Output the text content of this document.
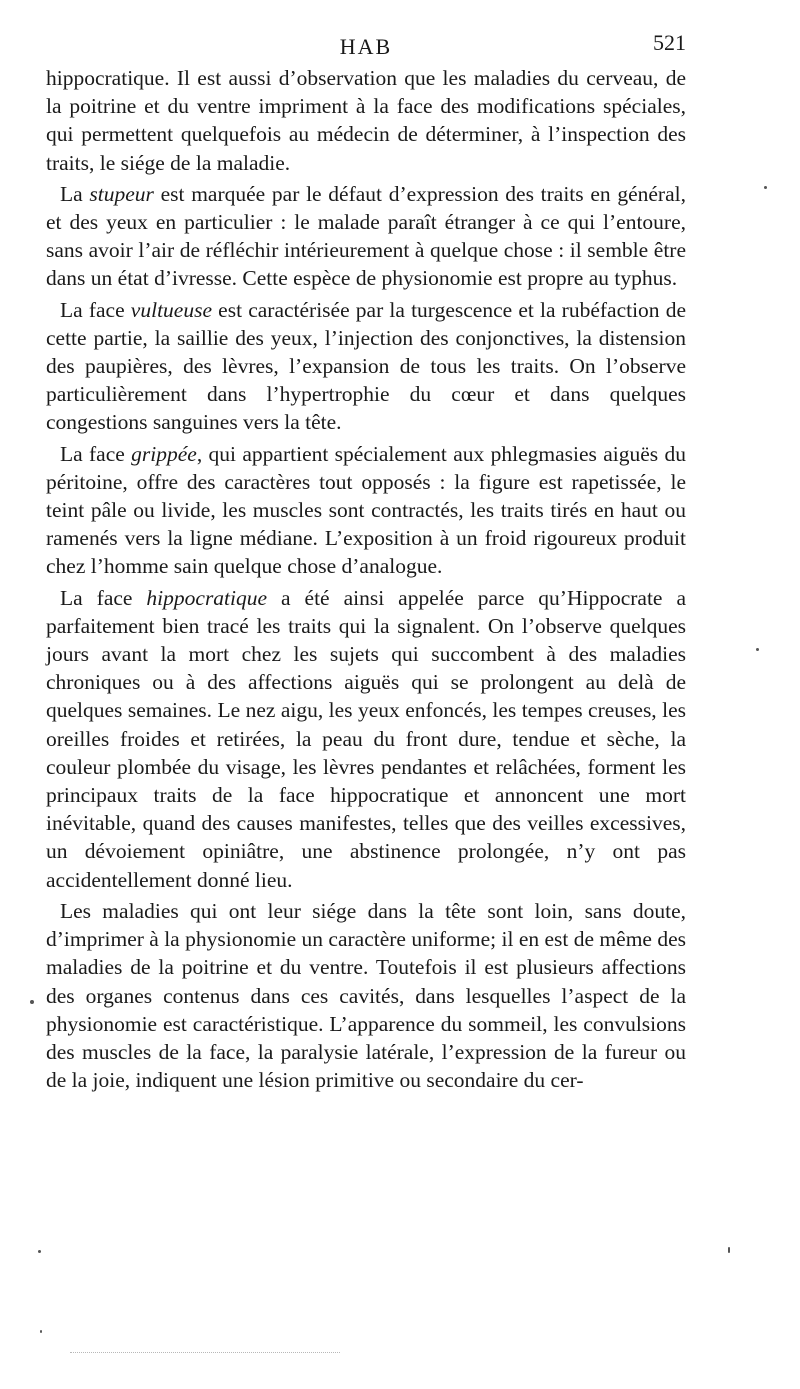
HAB	521

hippocratique. Il est aussi d’observation que les maladies du cerveau, de la poitrine et du ventre impriment à la face des modifications spéciales, qui permettent quelquefois au médecin de déterminer, à l’inspection des traits, le siége de la maladie.

La stupeur est marquée par le défaut d’expression des traits en général, et des yeux en particulier : le malade paraît étranger à ce qui l’entoure, sans avoir l’air de réfléchir intérieurement à quelque chose : il semble être dans un état d’ivresse. Cette espèce de physionomie est propre au typhus.

La face vultueuse est caractérisée par la turgescence et la rubéfaction de cette partie, la saillie des yeux, l’injection des conjonctives, la distension des paupières, des lèvres, l’expansion de tous les traits. On l’observe particulièrement dans l’hypertrophie du cœur et dans quelques congestions sanguines vers la tête.

La face grippée, qui appartient spécialement aux phlegmasies aiguës du péritoine, offre des caractères tout opposés : la figure est rapetissée, le teint pâle ou livide, les muscles sont contractés, les traits tirés en haut ou ramenés vers la ligne médiane. L’exposition à un froid rigoureux produit chez l’homme sain quelque chose d’analogue.

La face hippocratique a été ainsi appelée parce qu’Hippocrate a parfaitement bien tracé les traits qui la signalent. On l’observe quelques jours avant la mort chez les sujets qui succombent à des maladies chroniques ou à des affections aiguës qui se prolongent au delà de quelques semaines. Le nez aigu, les yeux enfoncés, les tempes creuses, les oreilles froides et retirées, la peau du front dure, tendue et sèche, la couleur plombée du visage, les lèvres pendantes et relâchées, forment les principaux traits de la face hippocratique et annoncent une mort inévitable, quand des causes manifestes, telles que des veilles excessives, un dévoiement opiniâtre, une abstinence prolongée, n’y ont pas accidentellement donné lieu.

Les maladies qui ont leur siége dans la tête sont loin, sans doute, d’imprimer à la physionomie un caractère uniforme; il en est de même des maladies de la poitrine et du ventre. Toutefois il est plusieurs affections des organes contenus dans ces cavités, dans lesquelles l’aspect de la physionomie est caractéristique. L’apparence du sommeil, les convulsions des muscles de la face, la paralysie latérale, l’expression de la fureur ou de la joie, indiquent une lésion primitive ou secondaire du cer-
